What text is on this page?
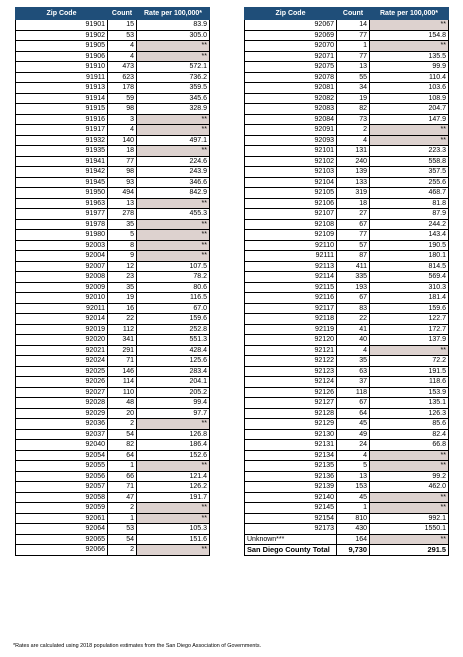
Zip Code	Count	Rate per 100,000*
91901	15	83.9
91902	53	305.0
91905	4	**
91906	4	**
91910	473	572.1
91911	623	736.2
91913	178	359.5
91914	59	345.6
91915	98	328.9
91916	3	**
91917	4	**
91932	140	497.1
91935	18	**
91941	77	224.6
91942	98	243.9
91945	93	346.6
91950	494	842.9
91963	13	**
91977	278	455.3
91978	35	**
91980	5	**
92003	8	**
92004	9	**
92007	12	107.5
92008	23	78.2
92009	35	80.6
92010	19	116.5
92011	16	67.0
92014	22	159.6
92019	112	252.8
92020	341	551.3
92021	291	428.4
92024	71	125.6
92025	146	283.4
92026	114	204.1
92027	110	205.2
92028	48	99.4
92029	20	97.7
92036	2	**
92037	54	126.8
92040	82	186.4
92054	64	152.6
92055	1	**
92056	66	121.4
92057	71	126.2
92058	47	191.7
92059	2	**
92061	1	**
92064	53	105.3
92065	54	151.6
92066	2	**
Zip Code	Count	Rate per 100,000*
92067	14	**
92069	77	154.8
92070	1	**
92071	77	135.5
92075	13	99.9
92078	55	110.4
92081	34	103.6
92082	19	108.9
92083	82	204.7
92084	73	147.9
92091	2	**
92093	4	**
92101	131	223.3
92102	240	558.8
92103	139	357.5
92104	133	255.6
92105	319	468.7
92106	18	81.8
92107	27	87.9
92108	67	244.2
92109	77	143.4
92110	57	190.5
92111	87	180.1
92113	411	814.5
92114	335	569.4
92115	193	310.3
92116	67	181.4
92117	83	159.6
92118	22	122.7
92119	41	172.7
92120	40	137.9
92121	4	**
92122	35	72.2
92123	63	191.5
92124	37	118.6
92126	118	153.9
92127	67	135.1
92128	64	126.3
92129	45	85.6
92130	49	82.4
92131	24	66.8
92134	4	**
92135	5	**
92136	13	99.2
92139	153	462.0
92140	45	**
92145	1	**
92154	810	992.1
92173	430	1550.1
Unknown***	164	**
San Diego County Total	9,730	291.5
*Rates are calculated using 2018 population estimates from the San Diego Association of Governments.
